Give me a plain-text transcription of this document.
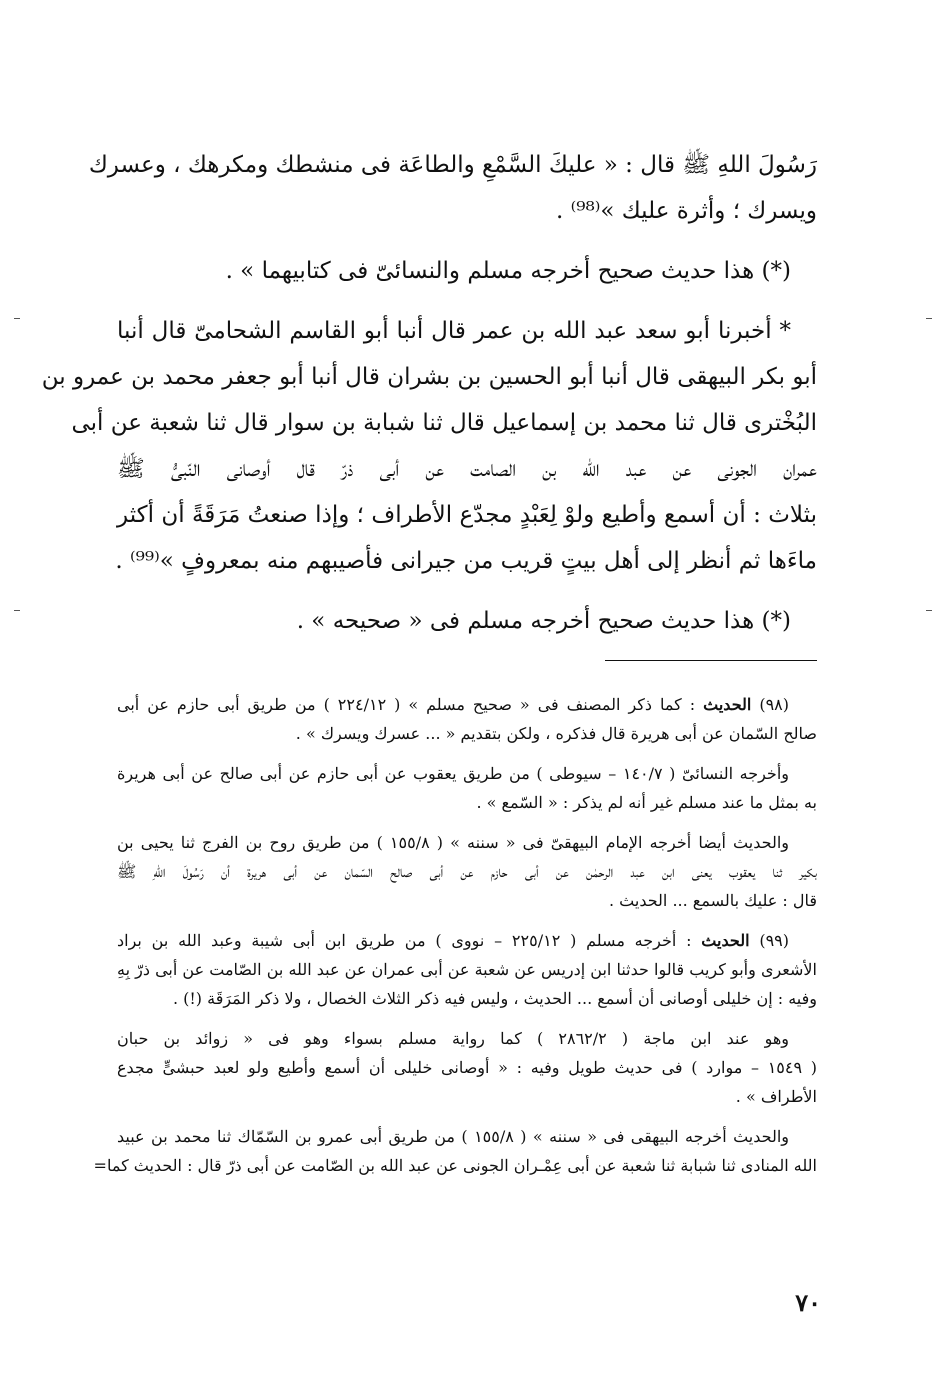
رَسُولَ اللهِ ﷺ قال : « عليكَ السَّمْعِ والطاعَة فى منشطك ومكرهك ، وعسرك
ويسرك ؛ وأثرة عليك »⁽⁹⁸⁾ .
(*) هذا حديث صحيح أخرجه مسلم والنسائىّ فى كتابيهما » .
* أخبرنا أبو سعد عبد الله بن عمر قال أنبا أبو القاسم الشحامىّ قال أنبا
أبو بكر البيهقى قال أنبا أبو الحسين بن بشران قال أنبا أبو جعفر محمد بن عمرو بن
البُخْترى قال ثنا محمد بن إسماعيل قال ثنا شبابة بن سوار قال ثنا شعبة عن أبى
عمران الجونى عن عبد الله بن الصامت عن أبى ذرّ قال أوصانى النّبىُّ ﷺ
بثلاث : أن أسمع وأطيع ولوْ لِعَبْدٍ مجدّع الأطراف ؛ وإذا صنعتُ مَرَقَةً أن أكثر
ماءَها ثم أنظر إلى أهل بيتٍ قريب من جيرانى فأصيبهم منه بمعروفٍ »⁽⁹⁹⁾ .
(*) هذا حديث صحيح أخرجه مسلم فى « صحيحه » .
(٩٨) الحديث : كما ذكر المصنف فى « صحيح مسلم » ( ٢٢٤/١٢ ) من طريق أبى حازم عن أبى
صالح السّمان عن أبى هريرة قال فذكره ، ولكن بتقديم « ... عسرك ويسرك » .
وأخرجه النسائىّ ( ١٤٠/٧ – سيوطى ) من طريق يعقوب عن أبى حازم عن أبى صالح عن أبى هريرة
به بمثل ما عند مسلم غير أنه لم يذكر : « السّمع » .
والحديث أيضا أخرجه الإمام البيهقىّ فى « سننه » ( ١٥٥/٨ ) من طريق روح بن الفرج ثنا يحيى بن
بكير ثنا يعقوب يعنى ابن عبد الرحمٰن عن أبى حازم عن أبى صالح السّمان عن أبى هريرة أن رَسُولَ اللهِ ﷺ
قال : عليك بالسمع ... الحديث .
(٩٩) الحديث : أخرجه مسلم ( ٢٢٥/١٢ – نووى ) من طريق ابن أبى شيبة وعبد الله بن براد
الأشعرى وأبو كريب قالوا حدثنا ابن إدريس عن شعبة عن أبى عمران عن عبد الله بن الصّامت عن أبى ذرّ بِهِ
وفيه : إن خليلى أوصانى أن أسمع ... الحديث ، وليس فيه ذكر الثلاث الخصال ، ولا ذكر المَرَقَة (!) .
وهو عند ابن ماجة ( ٢٨٦٢/٢ ) كما رواية مسلم بسواء وهو فى « زوائد بن حبان
( ١٥٤٩ – موارد ) فى حديث طويل وفيه : « أوصانى خليلى أن أسمع وأطيع ولو لعبد حبشىٍّ مجدع
الأطراف » .
والحديث أخرجه البيهقى فى « سننه » ( ١٥٥/٨ ) من طريق أبى عمرو بن السّمّاك ثنا محمد بن عبيد
الله المنادى ثنا شبابة ثنا شعبة عن أبى عِمْـران الجونى عن عبد الله بن الصّامت عن أبى ذرّ قال : الحديث كما=
٧٠
